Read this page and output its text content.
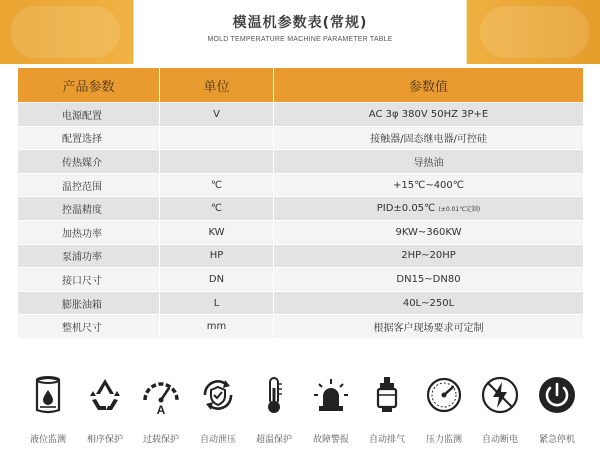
模温机参数表(常规)
MOLD TEMPERATURE MACHINE PARAMETER TABLE
产品参数	单位	参数值
电源配置	V	AC 3φ 380V 50HZ 3P+E
配置选择		接触器/固态继电器/可控硅
传热媒介		导热油
温控范围	℃	+15℃~400℃
控温精度	℃	PID±0.05℃ (±0.01℃定制)
加热功率	KW	9KW~360KW
泵浦功率	HP	2HP~20HP
接口尺寸	DN	DN15~DN80
膨胀油箱	L	40L~250L
整机尺寸	mm	根据客户现场要求可定制
液位监测	相序保护
A
过载保护	自动泄压	超温保护	故障警报	自动排气	压力监测	自动断电	紧急停机
